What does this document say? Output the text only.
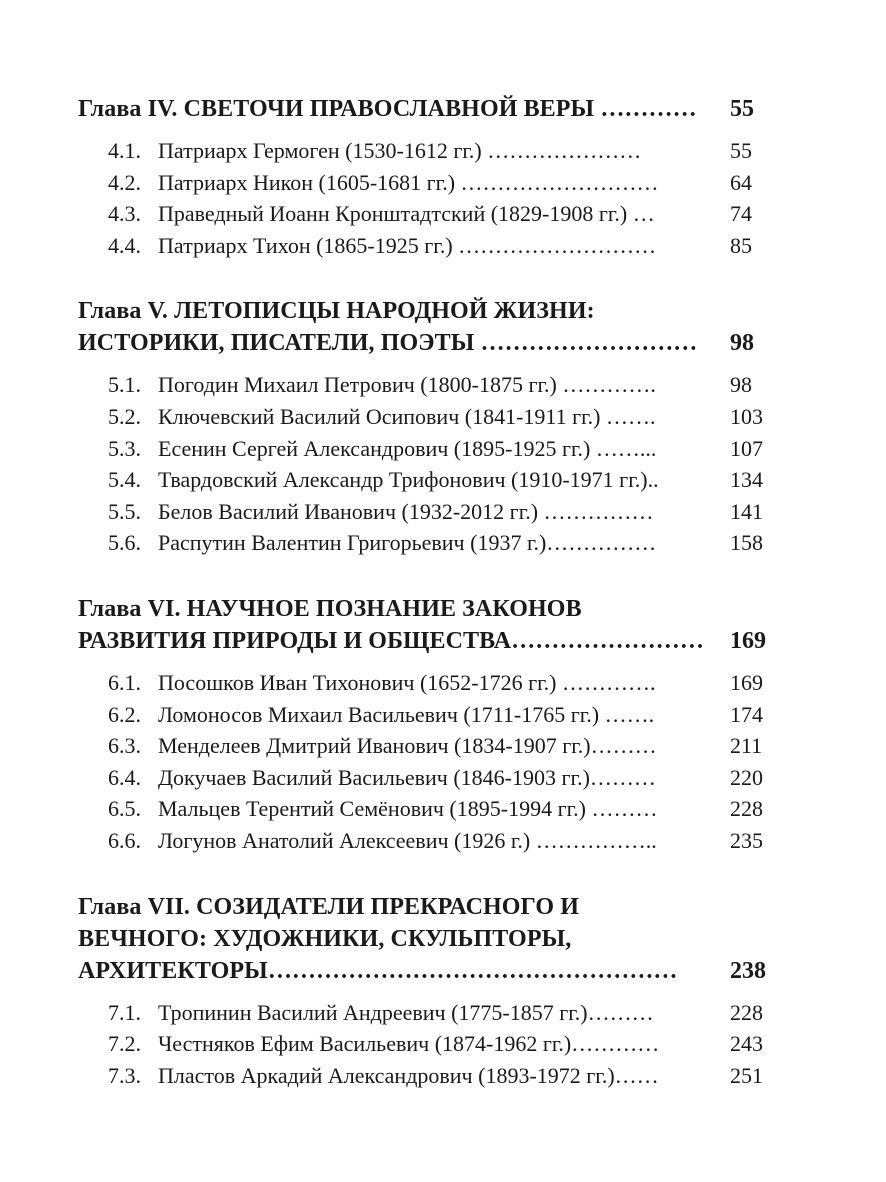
Глава IV. СВЕТОЧИ ПРАВОСЛАВНОЙ ВЕРЫ …………	55
4.1. Патриарх Гермоген (1530-1612 гг.) …………………	55
4.2. Патриарх Никон (1605-1681 гг.) ………………………	64
4.3. Праведный Иоанн Кронштадтский (1829-1908 гг.) …	74
4.4. Патриарх Тихон (1865-1925 гг.) ………………………	85
Глава V. ЛЕТОПИСЦЫ НАРОДНОЙ ЖИЗНИ:
ИСТОРИКИ, ПИСАТЕЛИ, ПОЭТЫ ………………………	98
5.1. Погодин Михаил Петрович (1800-1875 гг.) ………….	98
5.2. Ключевский Василий Осипович (1841-1911 гг.) …….	103
5.3. Есенин Сергей Александрович (1895-1925 гг.) ……...	107
5.4. Твардовский Александр Трифонович (1910-1971 гг.)..	134
5.5. Белов Василий Иванович (1932-2012 гг.) ……………	141
5.6. Распутин Валентин Григорьевич (1937 г.)……………	158
Глава VI. НАУЧНОЕ ПОЗНАНИЕ ЗАКОНОВ
РАЗВИТИЯ ПРИРОДЫ И ОБЩЕСТВА……………………	169
6.1. Посошков Иван Тихонович (1652-1726 гг.) ………….	169
6.2. Ломоносов Михаил Васильевич (1711-1765 гг.) …….	174
6.3. Менделеев Дмитрий Иванович (1834-1907 гг.)………	211
6.4. Докучаев Василий Васильевич (1846-1903 гг.)………	220
6.5. Мальцев Терентий Семёнович (1895-1994 гг.) ………	228
6.6. Логунов Анатолий Алексеевич (1926 г.) ……………..	235
Глава VII. СОЗИДАТЕЛИ ПРЕКРАСНОГО И
ВЕЧНОГО: ХУДОЖНИКИ, СКУЛЬПТОРЫ,
АРХИТЕКТОРЫ……………………………………………	238
7.1. Тропинин Василий Андреевич (1775-1857 гг.)………	228
7.2. Честняков Ефим Васильевич (1874-1962 гг.)…………	243
7.3. Пластов Аркадий Александрович (1893-1972 гг.)……	251
